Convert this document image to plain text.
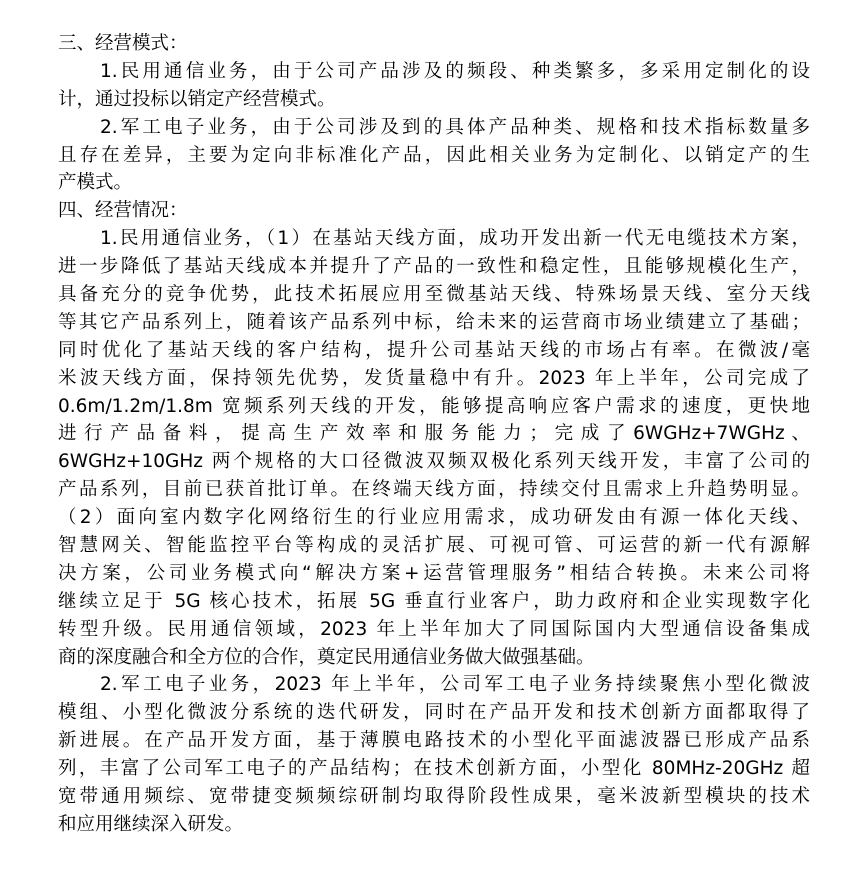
三、经营模式：
1.民用通信业务，由于公司产品涉及的频段、种类繁多，多采用定制化的设
计，通过投标以销定产经营模式。
2.军工电子业务，由于公司涉及到的具体产品种类、规格和技术指标数量多
且存在差异，主要为定向非标准化产品，因此相关业务为定制化、以销定产的生
产模式。
四、经营情况：
1.民用通信业务，（1）在基站天线方面，成功开发出新一代无电缆技术方案，
进一步降低了基站天线成本并提升了产品的一致性和稳定性，且能够规模化生产，
具备充分的竞争优势，此技术拓展应用至微基站天线、特殊场景天线、室分天线
等其它产品系列上，随着该产品系列中标，给未来的运营商市场业绩建立了基础；
同时优化了基站天线的客户结构，提升公司基站天线的市场占有率。在微波/毫
米波天线方面，保持领先优势，发货量稳中有升。2023 年上半年，公司完成了
0.6m/1.2m/1.8m 宽频系列天线的开发，能够提高响应客户需求的速度，更快地
进 行 产 品 备 料 ， 提 高 生 产 效 率 和 服 务 能 力 ； 完 成 了 6WGHz+7WGHz 、
6WGHz+10GHz 两个规格的大口径微波双频双极化系列天线开发，丰富了公司的
产品系列，目前已获首批订单。在终端天线方面，持续交付且需求上升趋势明显。
（2）面向室内数字化网络衍生的行业应用需求，成功研发由有源一体化天线、
智慧网关、智能监控平台等构成的灵活扩展、可视可管、可运营的新一代有源解
决方案，公司业务模式向“解决方案+运营管理服务”相结合转换。未来公司将
继续立足于 5G 核心技术，拓展 5G 垂直行业客户，助力政府和企业实现数字化
转型升级。民用通信领域，2023 年上半年加大了同国际国内大型通信设备集成
商的深度融合和全方位的合作，奠定民用通信业务做大做强基础。
2.军工电子业务，2023 年上半年，公司军工电子业务持续聚焦小型化微波
模组、小型化微波分系统的迭代研发，同时在产品开发和技术创新方面都取得了
新进展。在产品开发方面，基于薄膜电路技术的小型化平面滤波器已形成产品系
列，丰富了公司军工电子的产品结构；在技术创新方面，小型化 80MHz-20GHz 超
宽带通用频综、宽带捷变频频综研制均取得阶段性成果，毫米波新型模块的技术
和应用继续深入研发。
